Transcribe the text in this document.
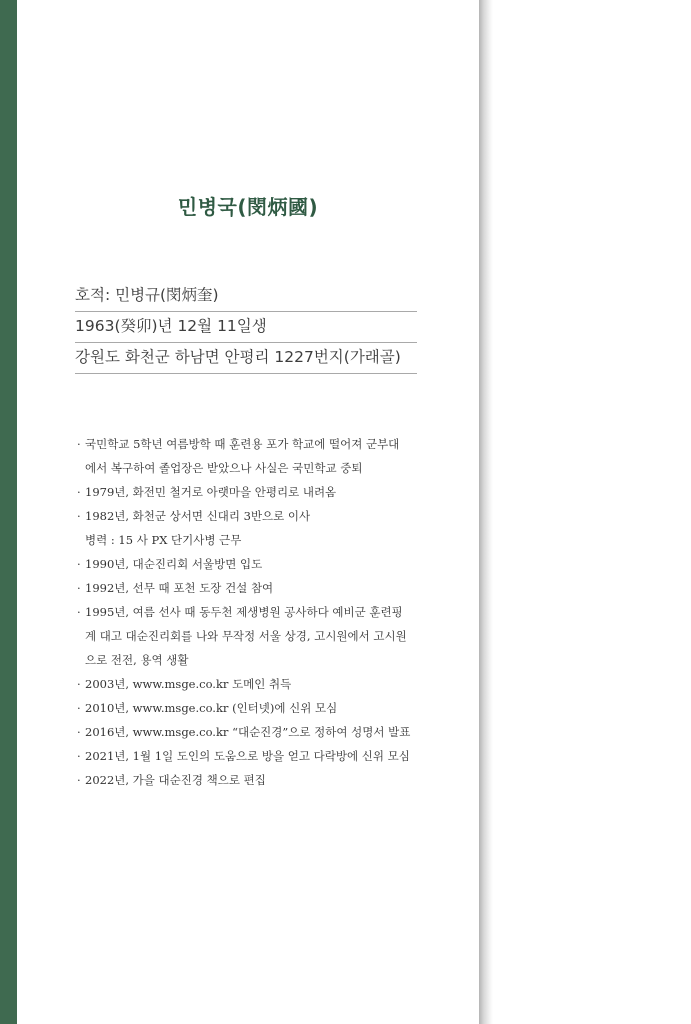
민병국(閔炳國)
호적: 민병규(閔炳奎)
1963(癸卯)년 12월 11일생
강원도 화천군 하남면 안평리 1227번지(가래골)
· 국민학교 5학년 여름방학 때 훈련용 포가 학교에 떨어져 군부대
에서 복구하여 졸업장은 받았으나 사실은 국민학교 중퇴
· 1979년, 화전민 철거로 아랫마을 안평리로 내려옴
· 1982년, 화천군 상서면 신대리 3반으로 이사
병력 : 15 사 PX 단기사병 근무
· 1990년, 대순진리회 서울방면 입도
· 1992년, 선무 때 포천 도장 건설 참여
· 1995년, 여름 선사 때 동두천 제생병원 공사하다 예비군 훈련핑
계 대고 대순진리회를 나와 무작정 서울 상경, 고시원에서 고시원
으로 전전, 용역 생활
· 2003년, www.msge.co.kr 도메인 취득
· 2010년, www.msge.co.kr (인터넷)에 신위 모심
· 2016년, www.msge.co.kr “대순진경”으로 정하여 성명서 발표
· 2021년, 1월 1일 도인의 도움으로 방을 얻고 다락방에 신위 모심
· 2022년, 가을 대순진경 책으로 편집
